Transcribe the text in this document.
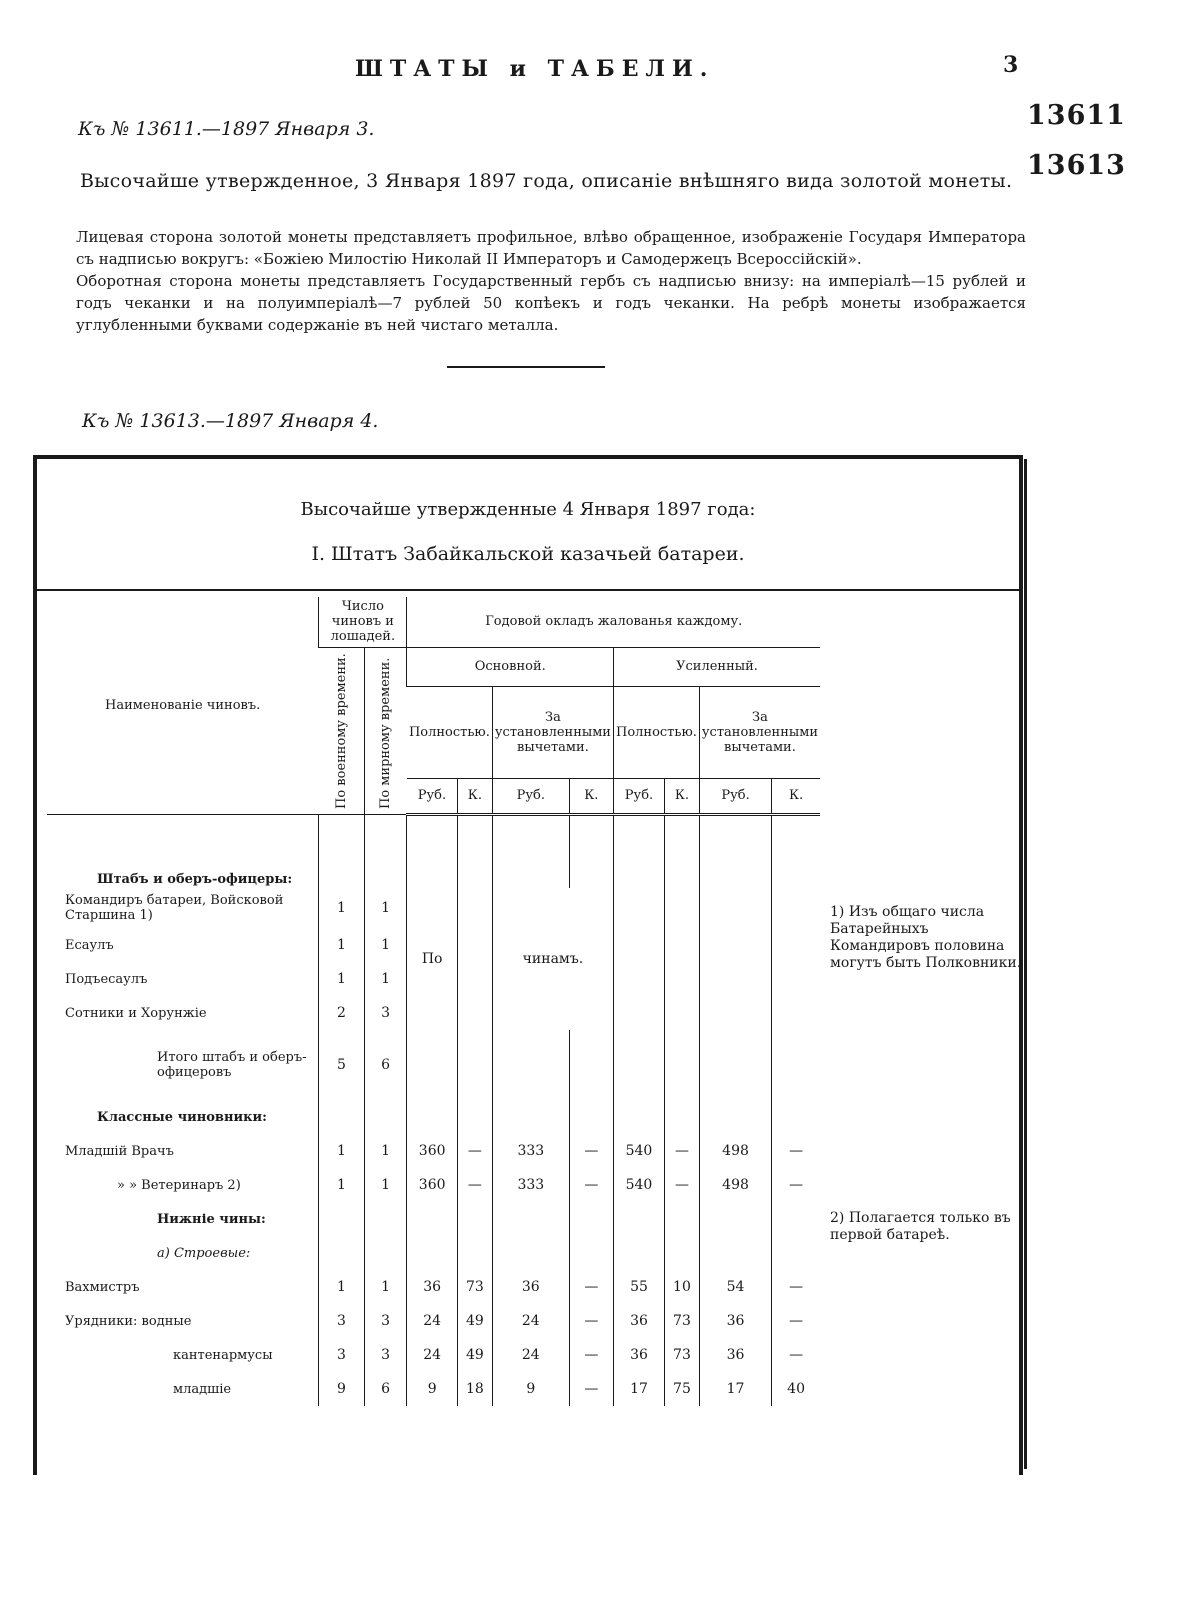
ШТАТЫ и ТАБЕЛИ.	3
13611
13613
Къ № 13611.—1897 Января 3.
Высочайше утвержденное, 3 Января 1897 года, описаніе внѣшняго вида золотой монеты.

Лицевая сторона золотой монеты представляетъ профильное, влѣво обращенное, изображеніе Государя Императора съ надписью вокругъ: «Божіею Милостію Николай II Императоръ и Самодержецъ Всероссійскій».

Оборотная сторона монеты представляетъ Государственный гербъ съ надписью внизу: на имперіалѣ—15 рублей и годъ чеканки и на полуимперіалѣ—7 рублей 50 копѣекъ и годъ чеканки. На ребрѣ монеты изображается углубленными буквами содержаніе въ ней чистаго металла.

Къ № 13613.—1897 Января 4.
Высочайше утвержденные 4 Января 1897 года:
I. Штатъ Забайкальской казачьей батареи.
Наименованіе чиновъ.	Число чиновъ и лошадей.		Годовой окладъ жалованья каждому.							
	По военному времени.	По мирному времени.	Основной.				Усиленный.			
			Полностью.		За установленными вычетами.		Полностью.		За установленными вычетами.	
			Руб.	К.	Руб.	К.	Руб.	К.	Руб.	К.
Штабъ и оберъ-офицеры:										
Командиръ батареи, Войсковой Старшина 1)	1	1	По		чинамъ.					
Есаулъ	1	1								
Подъесаулъ	1	1								
Сотники и Хорунжіе	2	3								
Итого штабъ и оберъ-офицеровъ	5	6								
Классные чиновники:										
Младшій Врачъ	1	1	360	—	333	—	540	—	498	—
» » Ветеринаръ 2)	1	1	360	—	333	—	540	—	498	—
Нижніе чины:										
а) Строевые:										
Вахмистръ	1	1	36	73	36	—	55	10	54	—
Урядники: водные	3	3	24	49	24	—	36	73	36	—
кантенармусы	3	3	24	49	24	—	36	73	36	—
младшіе	9	6	9	18	9	—	17	75	17	40
1) Изъ общаго числа Батарейныхъ Командировъ половина могутъ быть Полковники.
2) Полагается только въ первой батареѣ.
